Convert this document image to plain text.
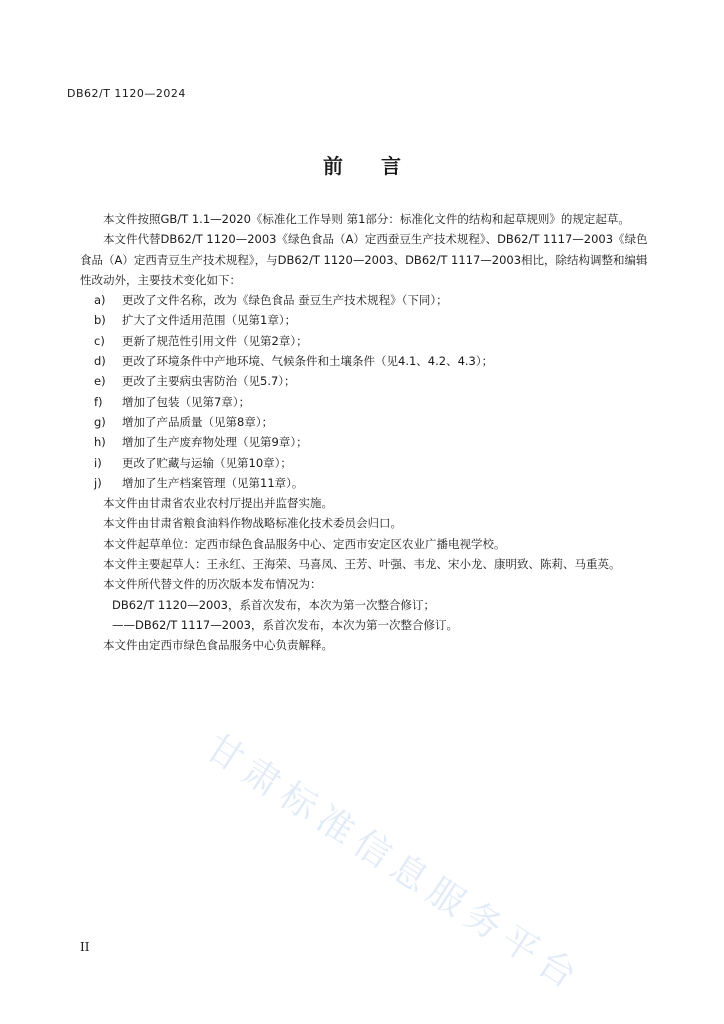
DB62/T 1120—2024
前言

本文件按照GB/T 1.1—2020《标准化工作导则 第1部分：标准化文件的结构和起草规则》的规定起草。

本文件代替DB62/T 1120—2003《绿色食品（A）定西蚕豆生产技术规程》、DB62/T 1117—2003《绿色食品（A）定西青豆生产技术规程》，与DB62/T 1120—2003、DB62/T 1117—2003相比，除结构调整和编辑性改动外，主要技术变化如下：

a) 更改了文件名称，改为《绿色食品 蚕豆生产技术规程》（下同）；

b) 扩大了文件适用范围（见第1章）；

c) 更新了规范性引用文件（见第2章）；

d) 更改了环境条件中产地环境、气候条件和土壤条件（见4.1、4.2、4.3）；

e) 更改了主要病虫害防治（见5.7）；

f) 增加了包装（见第7章）；

g) 增加了产品质量（见第8章）；

h) 增加了生产废弃物处理（见第9章）；

i) 更改了贮藏与运输（见第10章）；

j) 增加了生产档案管理（见第11章）。

本文件由甘肃省农业农村厅提出并监督实施。

本文件由甘肃省粮食油料作物战略标准化技术委员会归口。

本文件起草单位：定西市绿色食品服务中心、定西市安定区农业广播电视学校。

本文件主要起草人：王永红、王海荣、马喜凤、王芳、叶强、韦龙、宋小龙、康明致、陈莉、马重英。

本文件所代替文件的历次版本发布情况为：

DB62/T 1120—2003，系首次发布，本次为第一次整合修订；

——DB62/T 1117—2003，系首次发布，本次为第一次整合修订。

本文件由定西市绿色食品服务中心负责解释。

甘肃标准信息服务平台
II
